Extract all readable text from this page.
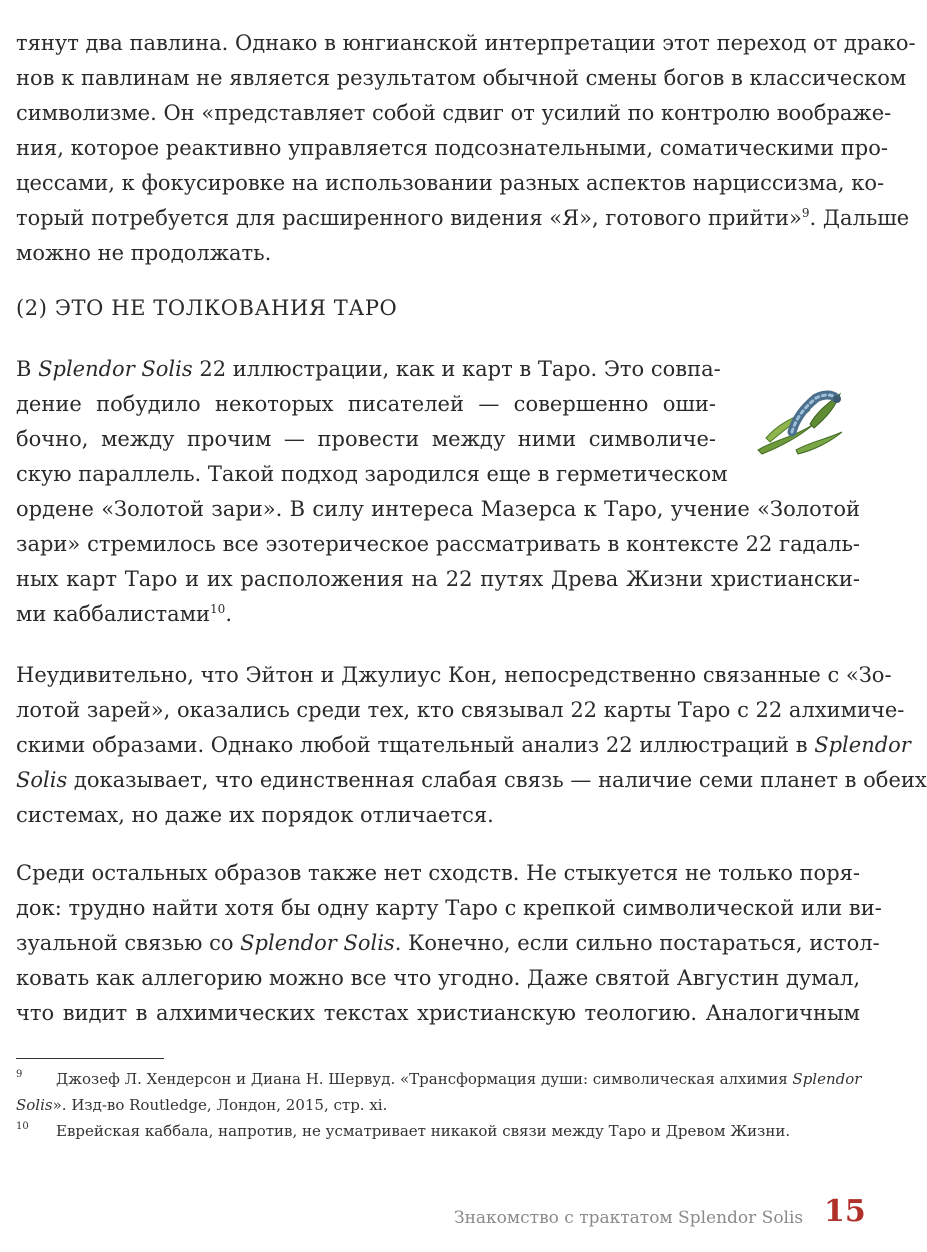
тянут два павлина. Однако в юнгианской интерпретации этот переход от драко-
нов к павлинам не является результатом обычной смены богов в классическом
символизме. Он «представляет собой сдвиг от усилий по контролю воображе-
ния, которое реактивно управляется подсознательными, соматическими про-
цессами, к фокусировке на использовании разных аспектов нарциссизма, ко-
торый потребуется для расширенного видения «Я», готового прийти»$^9$. Дальше
можно не продолжать.
(2) ЭТО НЕ ТОЛКОВАНИЯ ТАРО
В Splendor Solis 22 иллюстрации, как и карт в Таро. Это совпа-
дение побудило некоторых писателей — совершенно оши-
бочно, между прочим — провести между ними символиче-
скую параллель. Такой подход зародился еще в герметическом
ордене «Золотой зари». В силу интереса Мазерса к Таро, учение «Золотой
зари» стремилось все эзотерическое рассматривать в контексте 22 гадаль-
ных карт Таро и их расположения на 22 путях Древа Жизни христиански-
ми каббалистами$^{10}$.
Неудивительно, что Эйтон и Джулиус Кон, непосредственно связанные с «Зо-
лотой зарей», оказались среди тех, кто связывал 22 карты Таро с 22 алхимиче-
скими образами. Однако любой тщательный анализ 22 иллюстраций в Splendor
Solis доказывает, что единственная слабая связь — наличие семи планет в обеих
системах, но даже их порядок отличается.
Среди остальных образов также нет сходств. Не стыкуется не только поря-
док: трудно найти хотя бы одну карту Таро с крепкой символической или ви-
зуальной связью со Splendor Solis. Конечно, если сильно постараться, истол-
ковать как аллегорию можно все что угодно. Даже святой Августин думал,
что видит в алхимических текстах христианскую теологию. Аналогичным
9 Джозеф Л. Хендерсон и Диана Н. Шервуд. «Трансформация души: символическая алхимия Splendor
Solis». Изд-во Routledge, Лондон, 2015, стр. xi.
10 Еврейская каббала, напротив, не усматривает никакой связи между Таро и Древом Жизни.
Знакомство с трактатом Splendor Solis 15
